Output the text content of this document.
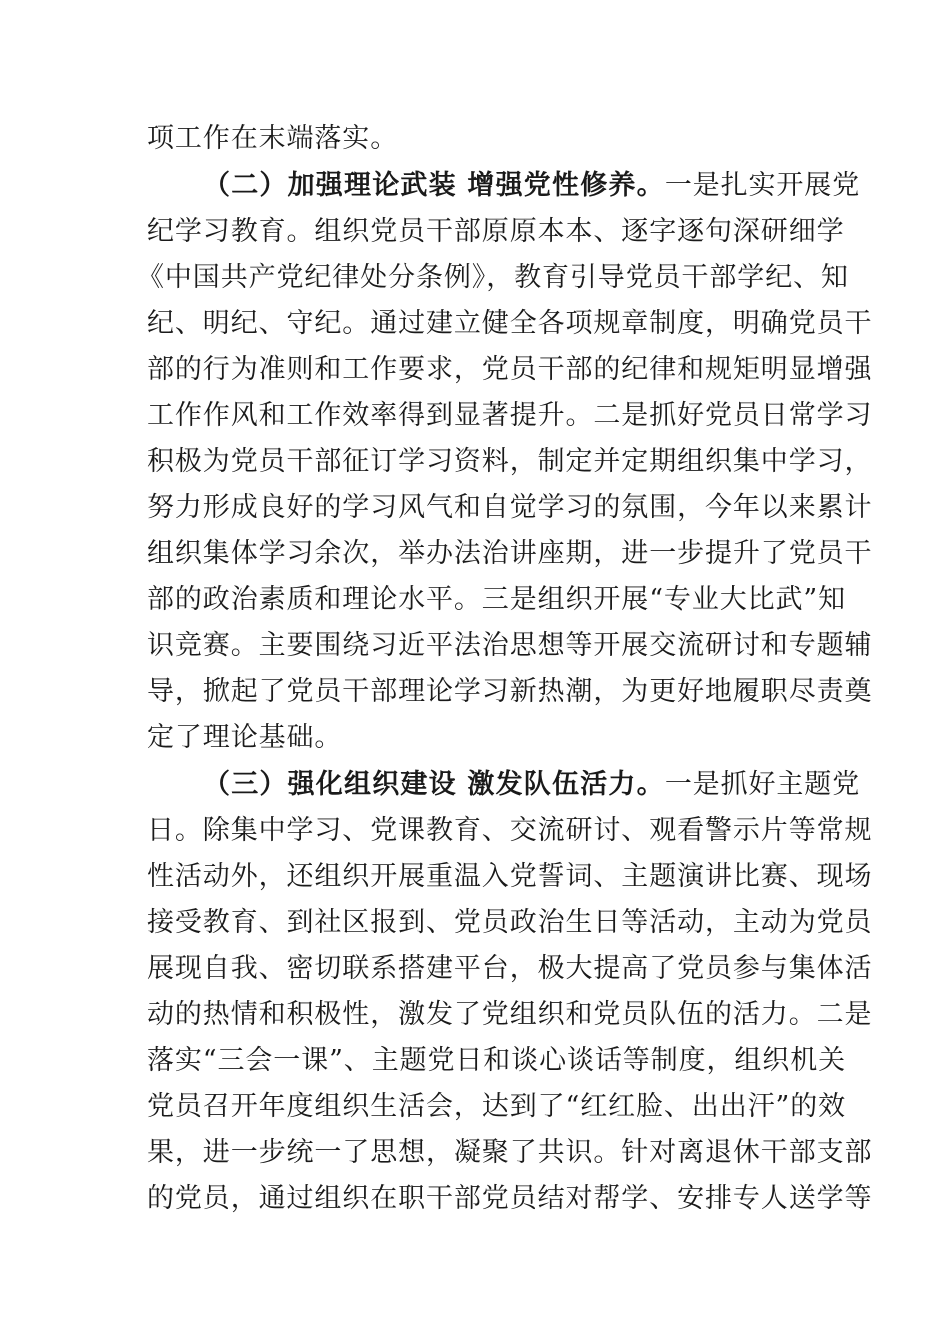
项工作在末端落实。
（二）加强理论武装 增强党性修养。一是扎实开展党
纪学习教育。组织党员干部原原本本、逐字逐句深研细学
《中国共产党纪律处分条例》，教育引导党员干部学纪、知
纪、明纪、守纪。通过建立健全各项规章制度，明确党员干
部的行为准则和工作要求，党员干部的纪律和规矩明显增强
工作作风和工作效率得到显著提升。二是抓好党员日常学习
积极为党员干部征订学习资料，制定并定期组织集中学习，
努力形成良好的学习风气和自觉学习的氛围，今年以来累计
组织集体学习余次，举办法治讲座期，进一步提升了党员干
部的政治素质和理论水平。三是组织开展“专业大比武”知
识竞赛。主要围绕习近平法治思想等开展交流研讨和专题辅
导，掀起了党员干部理论学习新热潮，为更好地履职尽责奠
定了理论基础。
（三）强化组织建设 激发队伍活力。一是抓好主题党
日。除集中学习、党课教育、交流研讨、观看警示片等常规
性活动外，还组织开展重温入党誓词、主题演讲比赛、现场
接受教育、到社区报到、党员政治生日等活动，主动为党员
展现自我、密切联系搭建平台，极大提高了党员参与集体活
动的热情和积极性，激发了党组织和党员队伍的活力。二是
落实“三会一课”、主题党日和谈心谈话等制度，组织机关
党员召开年度组织生活会，达到了“红红脸、出出汗”的效
果，进一步统一了思想，凝聚了共识。针对离退休干部支部
的党员，通过组织在职干部党员结对帮学、安排专人送学等
